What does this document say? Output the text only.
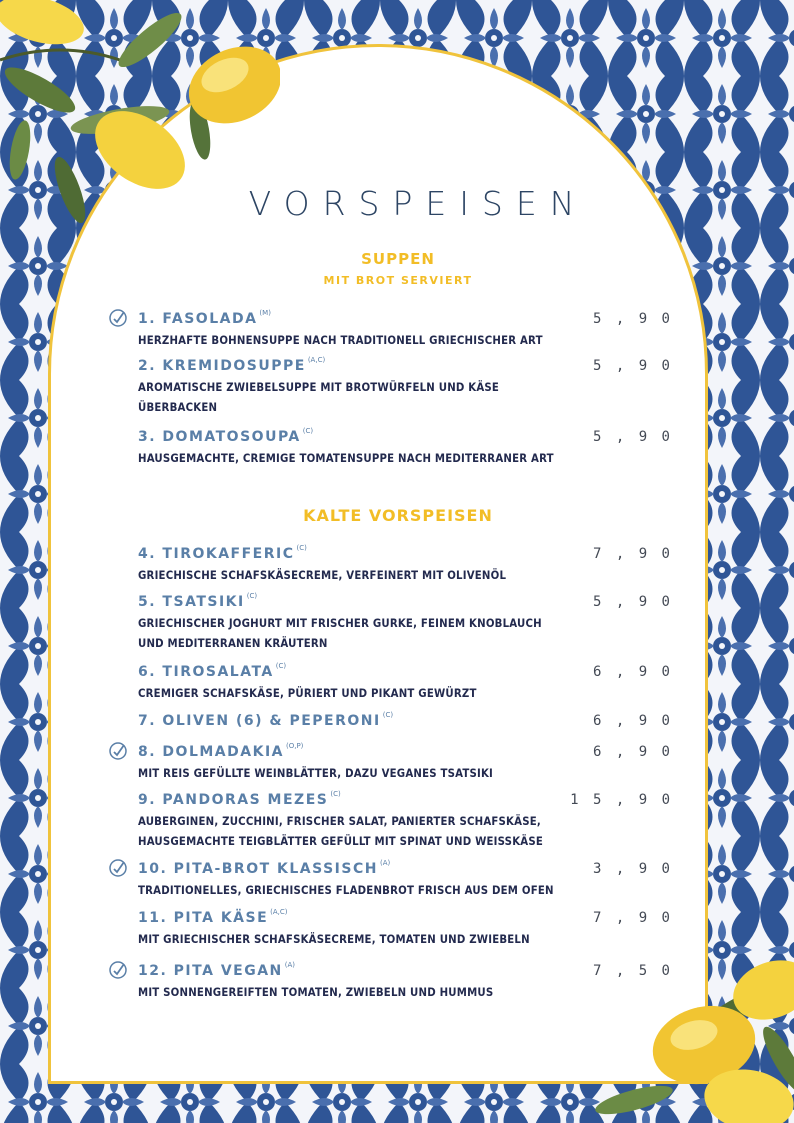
VORSPEISEN
SUPPEN
MIT BROT SERVIERT
1. FASOLADA $^{(M)}$	5 , 9 0
HERZHAFTE BOHNENSUPPE NACH TRADITIONELL GRIECHISCHER ART
2. KREMIDOSUPPE $^{(A,C)}$	5 , 9 0
AROMATISCHE ZWIEBELSUPPE MIT BROTWÜRFELN UND KÄSE
ÜBERBACKEN
3. DOMATOSOUPA $^{(C)}$	5 , 9 0
HAUSGEMACHTE, CREMIGE TOMATENSUPPE NACH MEDITERRANER ART
KALTE VORSPEISEN
4. TIROKAFFERIC $^{(C)}$	7 , 9 0
GRIECHISCHE SCHAFSKÄSECREME, VERFEINERT MIT OLIVENÖL
5. TSATSIKI $^{(C)}$	5 , 9 0
GRIECHISCHER JOGHURT MIT FRISCHER GURKE, FEINEM KNOBLAUCH
UND MEDITERRANEN KRÄUTERN
6. TIROSALATA $^{(C)}$	6 , 9 0
CREMIGER SCHAFSKÄSE, PÜRIERT UND PIKANT GEWÜRZT
7. OLIVEN (6) & PEPERONI $^{(C)}$	6 , 9 0
8. DOLMADAKIA $^{(O,P)}$	6 , 9 0
MIT REIS GEFÜLLTE WEINBLÄTTER, DAZU VEGANES TSATSIKI
9. PANDORAS MEZES $^{(C)}$	1 5 , 9 0
AUBERGINEN, ZUCCHINI, FRISCHER SALAT, PANIERTER SCHAFSKÄSE,
HAUSGEMACHTE TEIGBLÄTTER GEFÜLLT MIT SPINAT UND WEISSKÄSE
10. PITA-BROT KLASSISCH $^{(A)}$	3 , 9 0
TRADITIONELLES, GRIECHISCHES FLADENBROT FRISCH AUS DEM OFEN
11. PITA KÄSE $^{(A,C)}$	7 , 9 0
MIT GRIECHISCHER SCHAFSKÄSECREME, TOMATEN UND ZWIEBELN
12. PITA VEGAN $^{(A)}$	7 , 5 0
MIT SONNENGEREIFTEN TOMATEN, ZWIEBELN UND HUMMUS
